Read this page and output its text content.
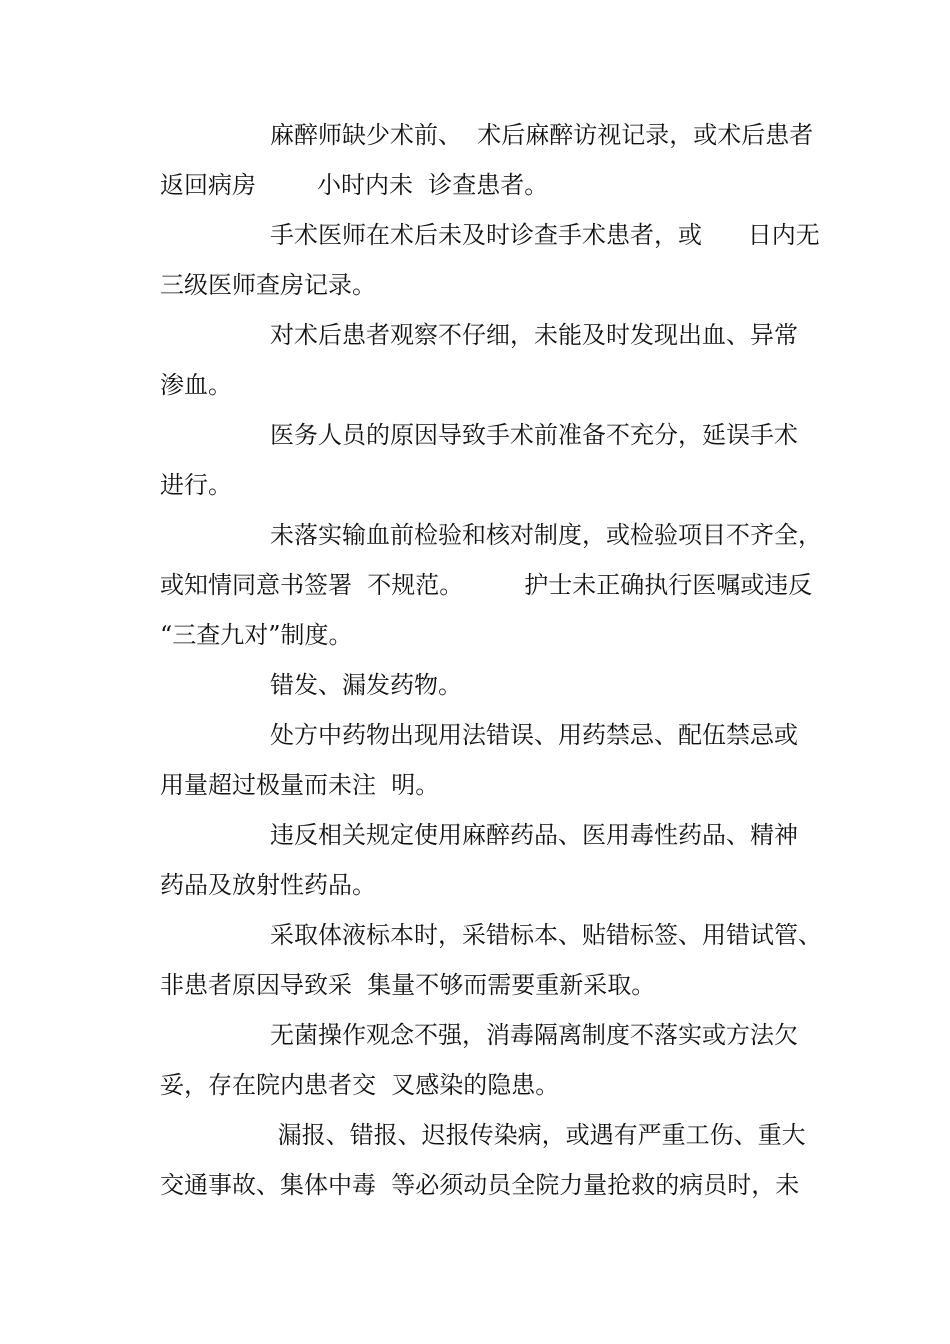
麻醉师缺少术前、  术后麻醉访视记录，或术后患者
返回病房        小时内未  诊查患者。
手术医师在术后未及时诊查手术患者，或      日内无
三级医师查房记录。
对术后患者观察不仔细，未能及时发现出血、异常
渗血。
医务人员的原因导致手术前准备不充分，延误手术
进行。
未落实输血前检验和核对制度，或检验项目不齐全，
或知情同意书签署  不规范。        护士未正确执行医嘱或违反
“三查九对”制度。
错发、漏发药物。
处方中药物出现用法错误、用药禁忌、配伍禁忌或
用量超过极量而未注  明。
违反相关规定使用麻醉药品、医用毒性药品、精神
药品及放射性药品。
采取体液标本时，采错标本、贴错标签、用错试管、
非患者原因导致采  集量不够而需要重新采取。
无菌操作观念不强，消毒隔离制度不落实或方法欠
妥，存在院内患者交  叉感染的隐患。
漏报、错报、迟报传染病，或遇有严重工伤、重大
交通事故、集体中毒  等必须动员全院力量抢救的病员时，未
